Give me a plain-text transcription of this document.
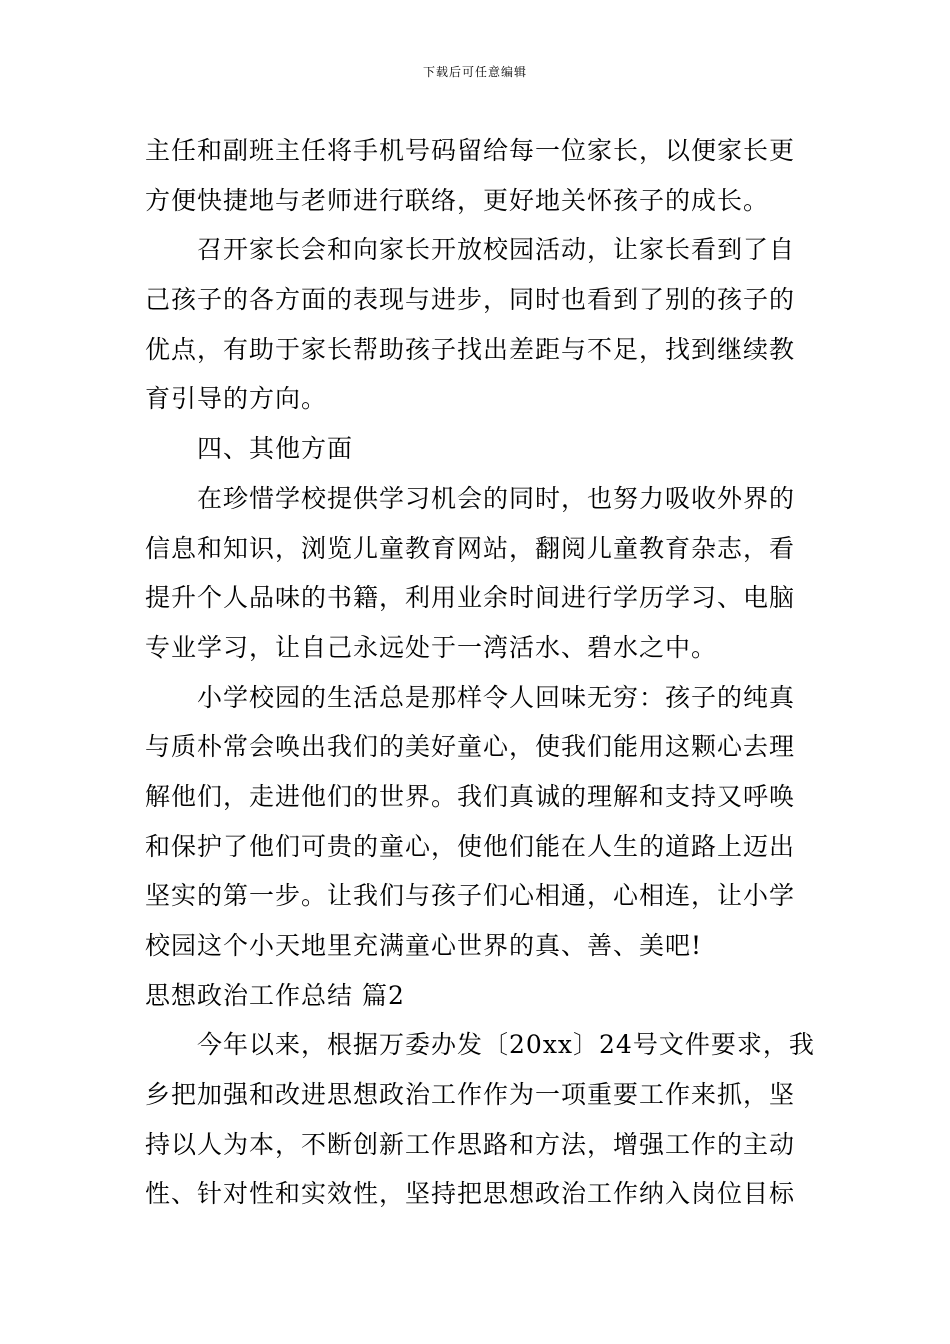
下载后可任意编辑
主任和副班主任将手机号码留给每一位家长，以便家长更
方便快捷地与老师进行联络，更好地关怀孩子的成长。
召开家长会和向家长开放校园活动，让家长看到了自
己孩子的各方面的表现与进步，同时也看到了别的孩子的
优点，有助于家长帮助孩子找出差距与不足，找到继续教
育引导的方向。
四、其他方面
在珍惜学校提供学习机会的同时，也努力吸收外界的
信息和知识，浏览儿童教育网站，翻阅儿童教育杂志，看
提升个人品味的书籍，利用业余时间进行学历学习、电脑
专业学习，让自己永远处于一湾活水、碧水之中。
小学校园的生活总是那样令人回味无穷：孩子的纯真
与质朴常会唤出我们的美好童心，使我们能用这颗心去理
解他们，走进他们的世界。我们真诚的理解和支持又呼唤
和保护了他们可贵的童心，使他们能在人生的道路上迈出
坚实的第一步。让我们与孩子们心相通，心相连，让小学
校园这个小天地里充满童心世界的真、善、美吧!
思想政治工作总结 篇2
今年以来，根据万委办发〔20xx〕24号文件要求，我
乡把加强和改进思想政治工作作为一项重要工作来抓，坚
持以人为本，不断创新工作思路和方法，增强工作的主动
性、针对性和实效性，坚持把思想政治工作纳入岗位目标
